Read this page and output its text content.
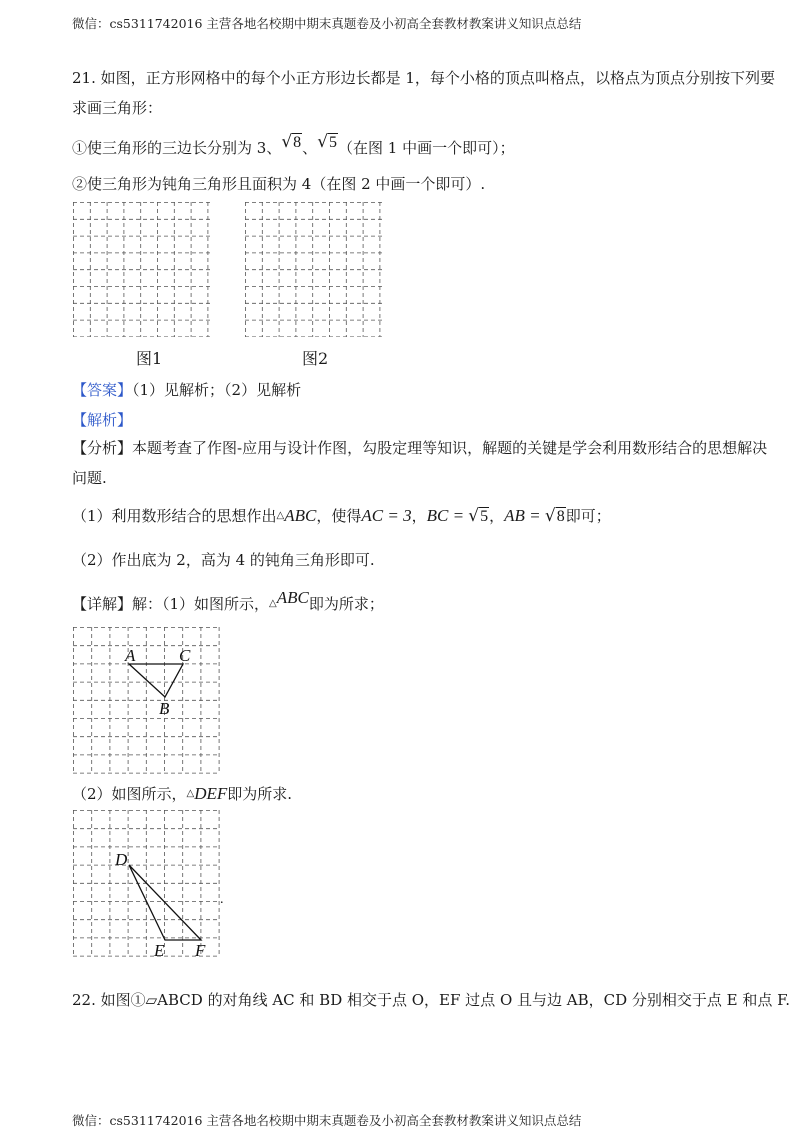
微信：cs5311742016 主营各地名校期中期末真题卷及小初高全套教材教案讲义知识点总结
21. 如图，正方形网格中的每个小正方形边长都是 1，每个小格的顶点叫格点，以格点为顶点分别按下列要
求画三角形：
①使三角形的三边长分别为 3、√8、√5（在图 1 中画一个即可）；
②使三角形为钝角三角形且面积为 4（在图 2 中画一个即可）.
图1	图2
【答案】（1）见解析；（2）见解析
【解析】
【分析】本题考查了作图-应用与设计作图，勾股定理等知识，解题的关键是学会利用数形结合的思想解决
问题.
（1）利用数形结合的思想作出△ABC，使得AC = 3，BC = √5，AB = √8即可；
（2）作出底为 2，高为 4 的钝角三角形即可.
【详解】解：（1）如图所示，△ABC即为所求；
A	C
B
（2）如图所示，△DEF即为所求.
D
E F
.
22. 如图①▱ABCD 的对角线 AC 和 BD 相交于点 O，EF 过点 O 且与边 AB，CD 分别相交于点 E 和点 F.
微信：cs5311742016 主营各地名校期中期末真题卷及小初高全套教材教案讲义知识点总结
